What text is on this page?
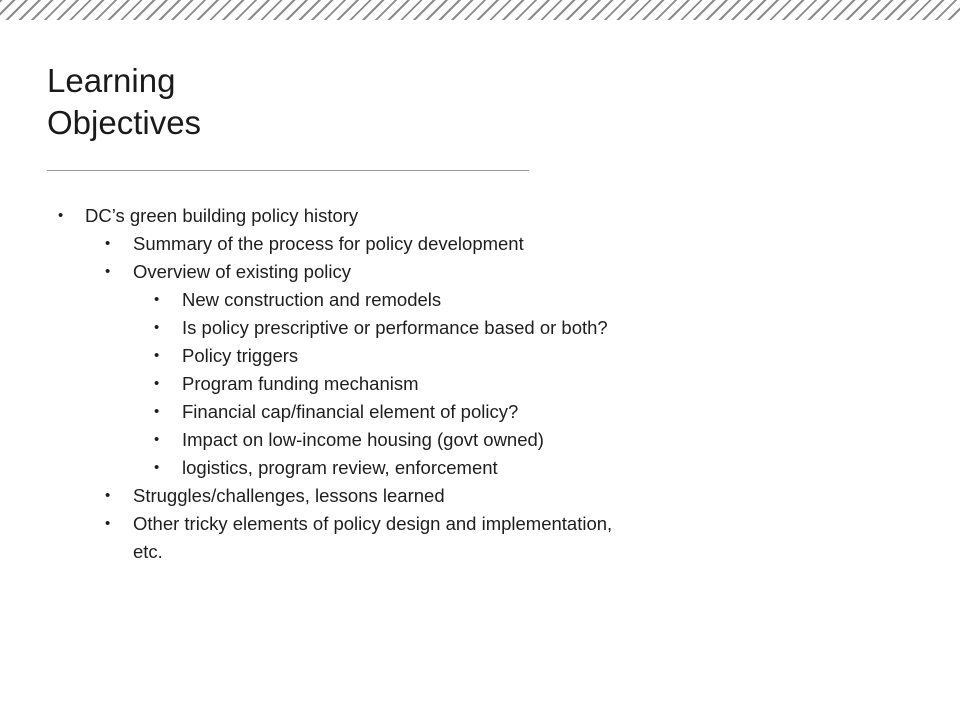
Learning
Objectives
• DC’s green building policy history
• Summary of the process for policy development
• Overview of existing policy
• New construction and remodels
• Is policy prescriptive or performance based or both?
• Policy triggers
• Program funding mechanism
• Financial cap/financial element of policy?
• Impact on low-income housing (govt owned)
• logistics, program review, enforcement
• Struggles/challenges, lessons learned
• Other tricky elements of policy design and implementation,
etc.
